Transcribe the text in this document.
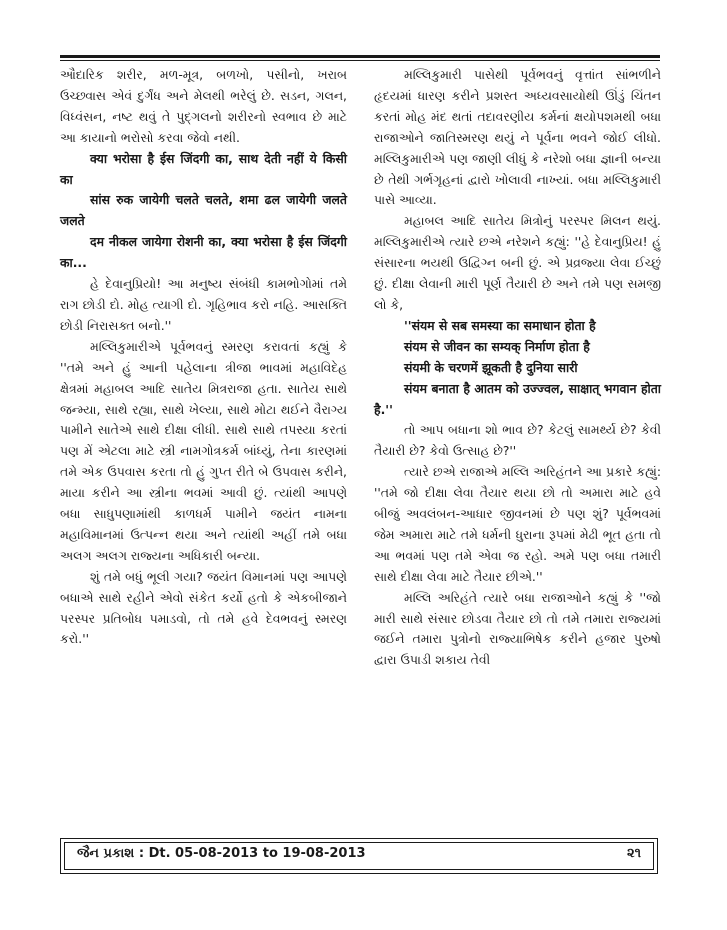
ઔદારિક શરીર, મળ-મૂત્ર, બળખો, પસીનો, ખરાબ ઉચ્છ્વાસ એવં દુર્ગંધ અને મેલથી ભરેલું છે. સડન, ગલન, વિધ્વંસન, નષ્ટ થવું તે પુદ્ગલનો શરીરનો સ્વભાવ છે માટે આ કાયાનો ભરોસો કરવા જેવો નથી.

क्या भरोसा है ईस जिंदगी का, साथ देती नहीं ये किसी का

सांस रुक जायेगी चलते चलते, शमा ढल जायेगी जलते जलते

दम नीकल जायेगा रोशनी का, क्या भरोसा है ईस जिंदगी का...

હે દેવાનુપ્રિયો! આ મનુષ્ય સંબંધી કામભોગોમાં તમે રાગ છોડી દો. મોહ ત્યાગી દો. ગૃહિભાવ કરો નહિ. આસક્તિ છોડી નિરાસક્ત બનો.''

મલ્લિકુમારીએ પૂર્વભવનું સ્મરણ કરાવતાં કહ્યું કે ''તમે અને હું આની પહેલાના ત્રીજા ભાવમાં મહાવિદેહ ક્ષેત્રમાં મહાબલ આદિ સાતેય મિત્રરાજા હતા. સાતેય સાથે જન્મ્યા, સાથે રહ્યા, સાથે ખેલ્યા, સાથે મોટા થઈને વૈરાગ્ય પામીને સાતેએ સાથે દીક્ષા લીધી. સાથે સાથે તપસ્યા કરતાં પણ મેં એટલા માટે સ્ત્રી નામગોત્રકર્મ બાંધ્યું, તેના કારણમાં તમે એક ઉપવાસ કરતા તો હું ગુપ્ત રીતે બે ઉપવાસ કરીને, માયા કરીને આ સ્ત્રીના ભવમાં આવી છું. ત્યાંથી આપણે બધા સાધુપણામાંથી કાળધર્મ પામીને જયંત નામના મહાવિમાનમાં ઉત્પન્ન થયા અને ત્યાંથી અહીં તમે બધા અલગ અલગ રાજ્યના અધિકારી બન્યા.

શું તમે બધું ભૂલી ગયા? જયંત વિમાનમાં પણ આપણે બધાએ સાથે રહીને એવો સંકેત કર્યો હતો કે એકબીજાને પરસ્પર પ્રતિબોધ પમાડવો, તો તમે હવે દેવભવનું સ્મરણ કરો.''

મલ્લિકુમારી પાસેથી પૂર્વભવનું વૃત્તાંત સાંભળીને હૃદયમાં ધારણ કરીને પ્રશસ્ત અધ્યવસાયોથી ઊંડું ચિંતન કરતાં મોહ મંદ થતાં તદાવરણીય કર્મનાં ક્ષયોપશમથી બધા રાજાઓને જાતિસ્મરણ થયું ને પૂર્વના ભવને જોઈ લીધો. મલ્લિકુમારીએ પણ જાણી લીધું કે નરેશો બધા જ્ઞાની બન્યા છે તેથી ગર્ભગૃહનાં દ્વારો ખોલાવી નાખ્યાં. બધા મલ્લિકુમારી પાસે આવ્યા.

મહાબલ આદિ સાતેય મિત્રોનું પરસ્પર મિલન થયું. મલ્લિકુમારીએ ત્યારે છએ નરેશને કહ્યું: ''હે દેવાનુપ્રિય! હું સંસારના ભયથી ઉદ્વિગ્ન બની છું. એ પ્રવ્રજ્યા લેવા ઈચ્છું છું. દીક્ષા લેવાની મારી પૂર્ણ તૈયારી છે અને તમે પણ સમજી લો કે,

''संयम से सब समस्या का समाधान होता है

संयम से जीवन का सम्यक् निर्माण होता है

संयमी के चरणमें झूकती है दुनिया सारी

संयम बनाता है आतम को उज्ज्वल, साक्षात् भगवान होता है.''

તો આપ બધાના શો ભાવ છે? કેટલું સામર્થ્ય છે? કેવી તૈયારી છે? કેવો ઉત્સાહ છે?''

ત્યારે છએ રાજાએ મલ્લિ અરિહંતને આ પ્રકારે કહ્યું: ''તમે જો દીક્ષા લેવા તૈયાર થયા છો તો અમારા માટે હવે બીજું અવલંબન-આધાર જીવનમાં છે પણ શું? પૂર્વભવમાં જેમ અમારા માટે તમે ધર્મની ધુરાના રૂપમાં મેઢી ભૂત હતા તો આ ભવમાં પણ તમે એવા જ રહો. અમે પણ બધા તમારી સાથે દીક્ષા લેવા માટે તૈયાર છીએ.''

મલ્લિ અરિહંતે ત્યારે બધા રાજાઓને કહ્યું કે ''જો મારી સાથે સંસાર છોડવા તૈયાર છો તો તમે તમારા રાજ્યમાં જઈને તમારા પુત્રોનો રાજ્યાભિષેક કરીને હજાર પુરુષો દ્વારા ઉપાડી શકાય તેવી

જૈન પ્રકાશ : Dt. 05-08-2013 to 19-08-2013	૨૧
